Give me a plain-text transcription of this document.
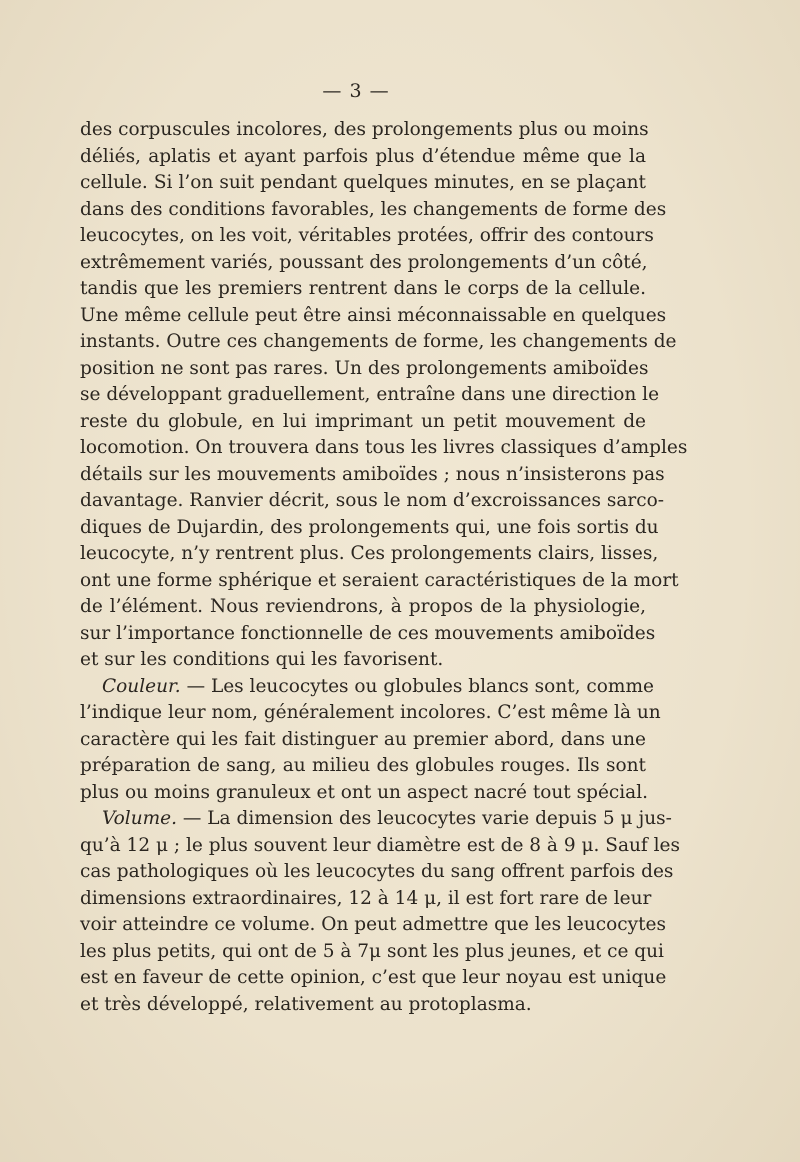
— 3 —
des corpuscules incolores, des prolongements plus ou moins
déliés, aplatis et ayant parfois plus d’étendue même que la
cellule. Si l’on suit pendant quelques minutes, en se plaçant
dans des conditions favorables, les changements de forme des
leucocytes, on les voit, véritables protées, offrir des contours
extrêmement variés, poussant des prolongements d’un côté,
tandis que les premiers rentrent dans le corps de la cellule.
Une même cellule peut être ainsi méconnaissable en quelques
instants. Outre ces changements de forme, les changements de
position ne sont pas rares. Un des prolongements amiboïdes
se développant graduellement, entraîne dans une direction le
reste du globule, en lui imprimant un petit mouvement de
locomotion. On trouvera dans tous les livres classiques d’amples
détails sur les mouvements amiboïdes ; nous n’insisterons pas
davantage. Ranvier décrit, sous le nom d’excroissances sarco-
diques de Dujardin, des prolongements qui, une fois sortis du
leucocyte, n’y rentrent plus. Ces prolongements clairs, lisses,
ont une forme sphérique et seraient caractéristiques de la mort
de l’élément. Nous reviendrons, à propos de la physiologie,
sur l’importance fonctionnelle de ces mouvements amiboïdes
et sur les conditions qui les favorisent.
Couleur. — Les leucocytes ou globules blancs sont, comme
l’indique leur nom, généralement incolores. C’est même là un
caractère qui les fait distinguer au premier abord, dans une
préparation de sang, au milieu des globules rouges. Ils sont
plus ou moins granuleux et ont un aspect nacré tout spécial.
Volume. — La dimension des leucocytes varie depuis 5 μ jus-
qu’à 12 μ ; le plus souvent leur diamètre est de 8 à 9 μ. Sauf les
cas pathologiques où les leucocytes du sang offrent parfois des
dimensions extraordinaires, 12 à 14 μ, il est fort rare de leur
voir atteindre ce volume. On peut admettre que les leucocytes
les plus petits, qui ont de 5 à 7μ sont les plus jeunes, et ce qui
est en faveur de cette opinion, c’est que leur noyau est unique
et très développé, relativement au protoplasma.
